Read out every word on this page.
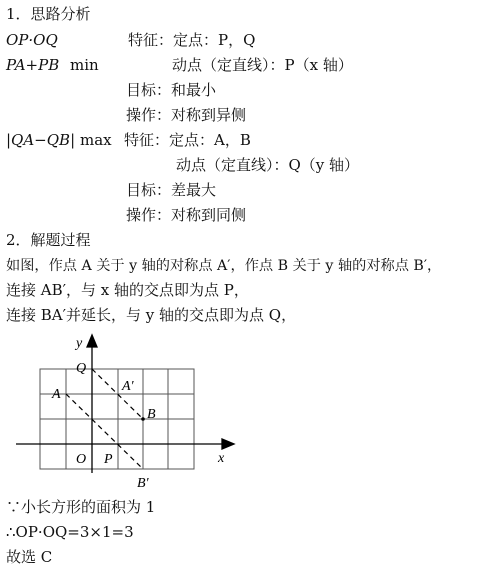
1．思路分析
OP·OQ	特征：定点：P，Q
PA+PB min	动点（定直线）：P（x 轴）
目标：和最小
操作：对称到异侧
|QA−QB| max 特征：定点：A，B
动点（定直线）：Q（y 轴）
目标：差最大
操作：对称到同侧
2．解题过程
如图，作点 A 关于 y 轴的对称点 A′，作点 B 关于 y 轴的对称点 B′，
连接 AB′，与 x 轴的交点即为点 P，
连接 BA′并延长，与 y 轴的交点即为点 Q，
y
x
Q
A
A′
B
O P
B′
∵小长方形的面积为 1
∴OP·OQ=3×1=3
故选 C
